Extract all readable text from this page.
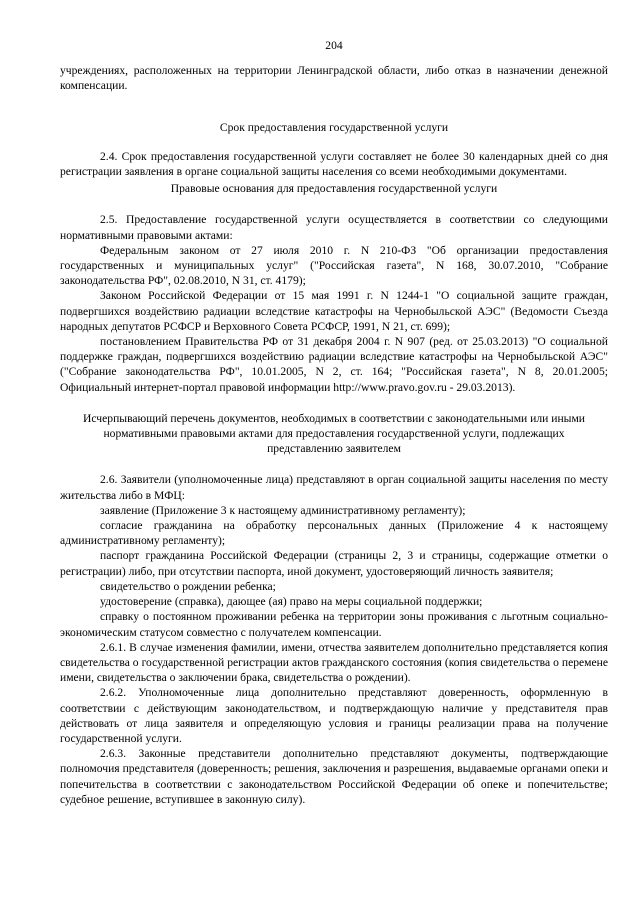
204

учреждениях, расположенных на территории Ленинградской области, либо отказ в назначении денежной компенсации.

Срок предоставления государственной услуги

2.4. Срок предоставления государственной услуги составляет не более 30 календарных дней со дня регистрации заявления в органе социальной защиты населения со всеми необходимыми документами.

Правовые основания для предоставления государственной услуги

2.5. Предоставление государственной услуги осуществляется в соответствии со следующими нормативными правовыми актами:

Федеральным законом от 27 июля 2010 г. N 210-ФЗ "Об организации предоставления государственных и муниципальных услуг" ("Российская газета", N 168, 30.07.2010, "Собрание законодательства РФ", 02.08.2010, N 31, ст. 4179);

Законом Российской Федерации от 15 мая 1991 г. N 1244-1 "О социальной защите граждан, подвергшихся воздействию радиации вследствие катастрофы на Чернобыльской АЭС" (Ведомости Съезда народных депутатов РСФСР и Верховного Совета РСФСР, 1991, N 21, ст. 699);

постановлением Правительства РФ от 31 декабря 2004 г. N 907 (ред. от 25.03.2013) "О социальной поддержке граждан, подвергшихся воздействию радиации вследствие катастрофы на Чернобыльской АЭС" ("Собрание законодательства РФ", 10.01.2005, N 2, ст. 164; "Российская газета", N 8, 20.01.2005; Официальный интернет-портал правовой информации http://www.pravo.gov.ru - 29.03.2013).

Исчерпывающий перечень документов, необходимых в соответствии с законодательными или иными нормативными правовыми актами для предоставления государственной услуги, подлежащих представлению заявителем

2.6. Заявители (уполномоченные лица) представляют в орган социальной защиты населения по месту жительства либо в МФЦ:

заявление (Приложение 3 к настоящему административному регламенту);

согласие гражданина на обработку персональных данных (Приложение 4 к настоящему административному регламенту);

паспорт гражданина Российской Федерации (страницы 2, 3 и страницы, содержащие отметки о регистрации) либо, при отсутствии паспорта, иной документ, удостоверяющий личность заявителя;

свидетельство о рождении ребенка;

удостоверение (справка), дающее (ая) право на меры социальной поддержки;

справку о постоянном проживании ребенка на территории зоны проживания с льготным социально-экономическим статусом совместно с получателем компенсации.

2.6.1. В случае изменения фамилии, имени, отчества заявителем дополнительно представляется копия свидетельства о государственной регистрации актов гражданского состояния (копия свидетельства о перемене имени, свидетельства о заключении брака, свидетельства о рождении).

2.6.2. Уполномоченные лица дополнительно представляют доверенность, оформленную в соответствии с действующим законодательством, и подтверждающую наличие у представителя прав действовать от лица заявителя и определяющую условия и границы реализации права на получение государственной услуги.

2.6.3. Законные представители дополнительно представляют документы, подтверждающие полномочия представителя (доверенность; решения, заключения и разрешения, выдаваемые органами опеки и попечительства в соответствии с законодательством Российской Федерации об опеке и попечительстве; судебное решение, вступившее в законную силу).
